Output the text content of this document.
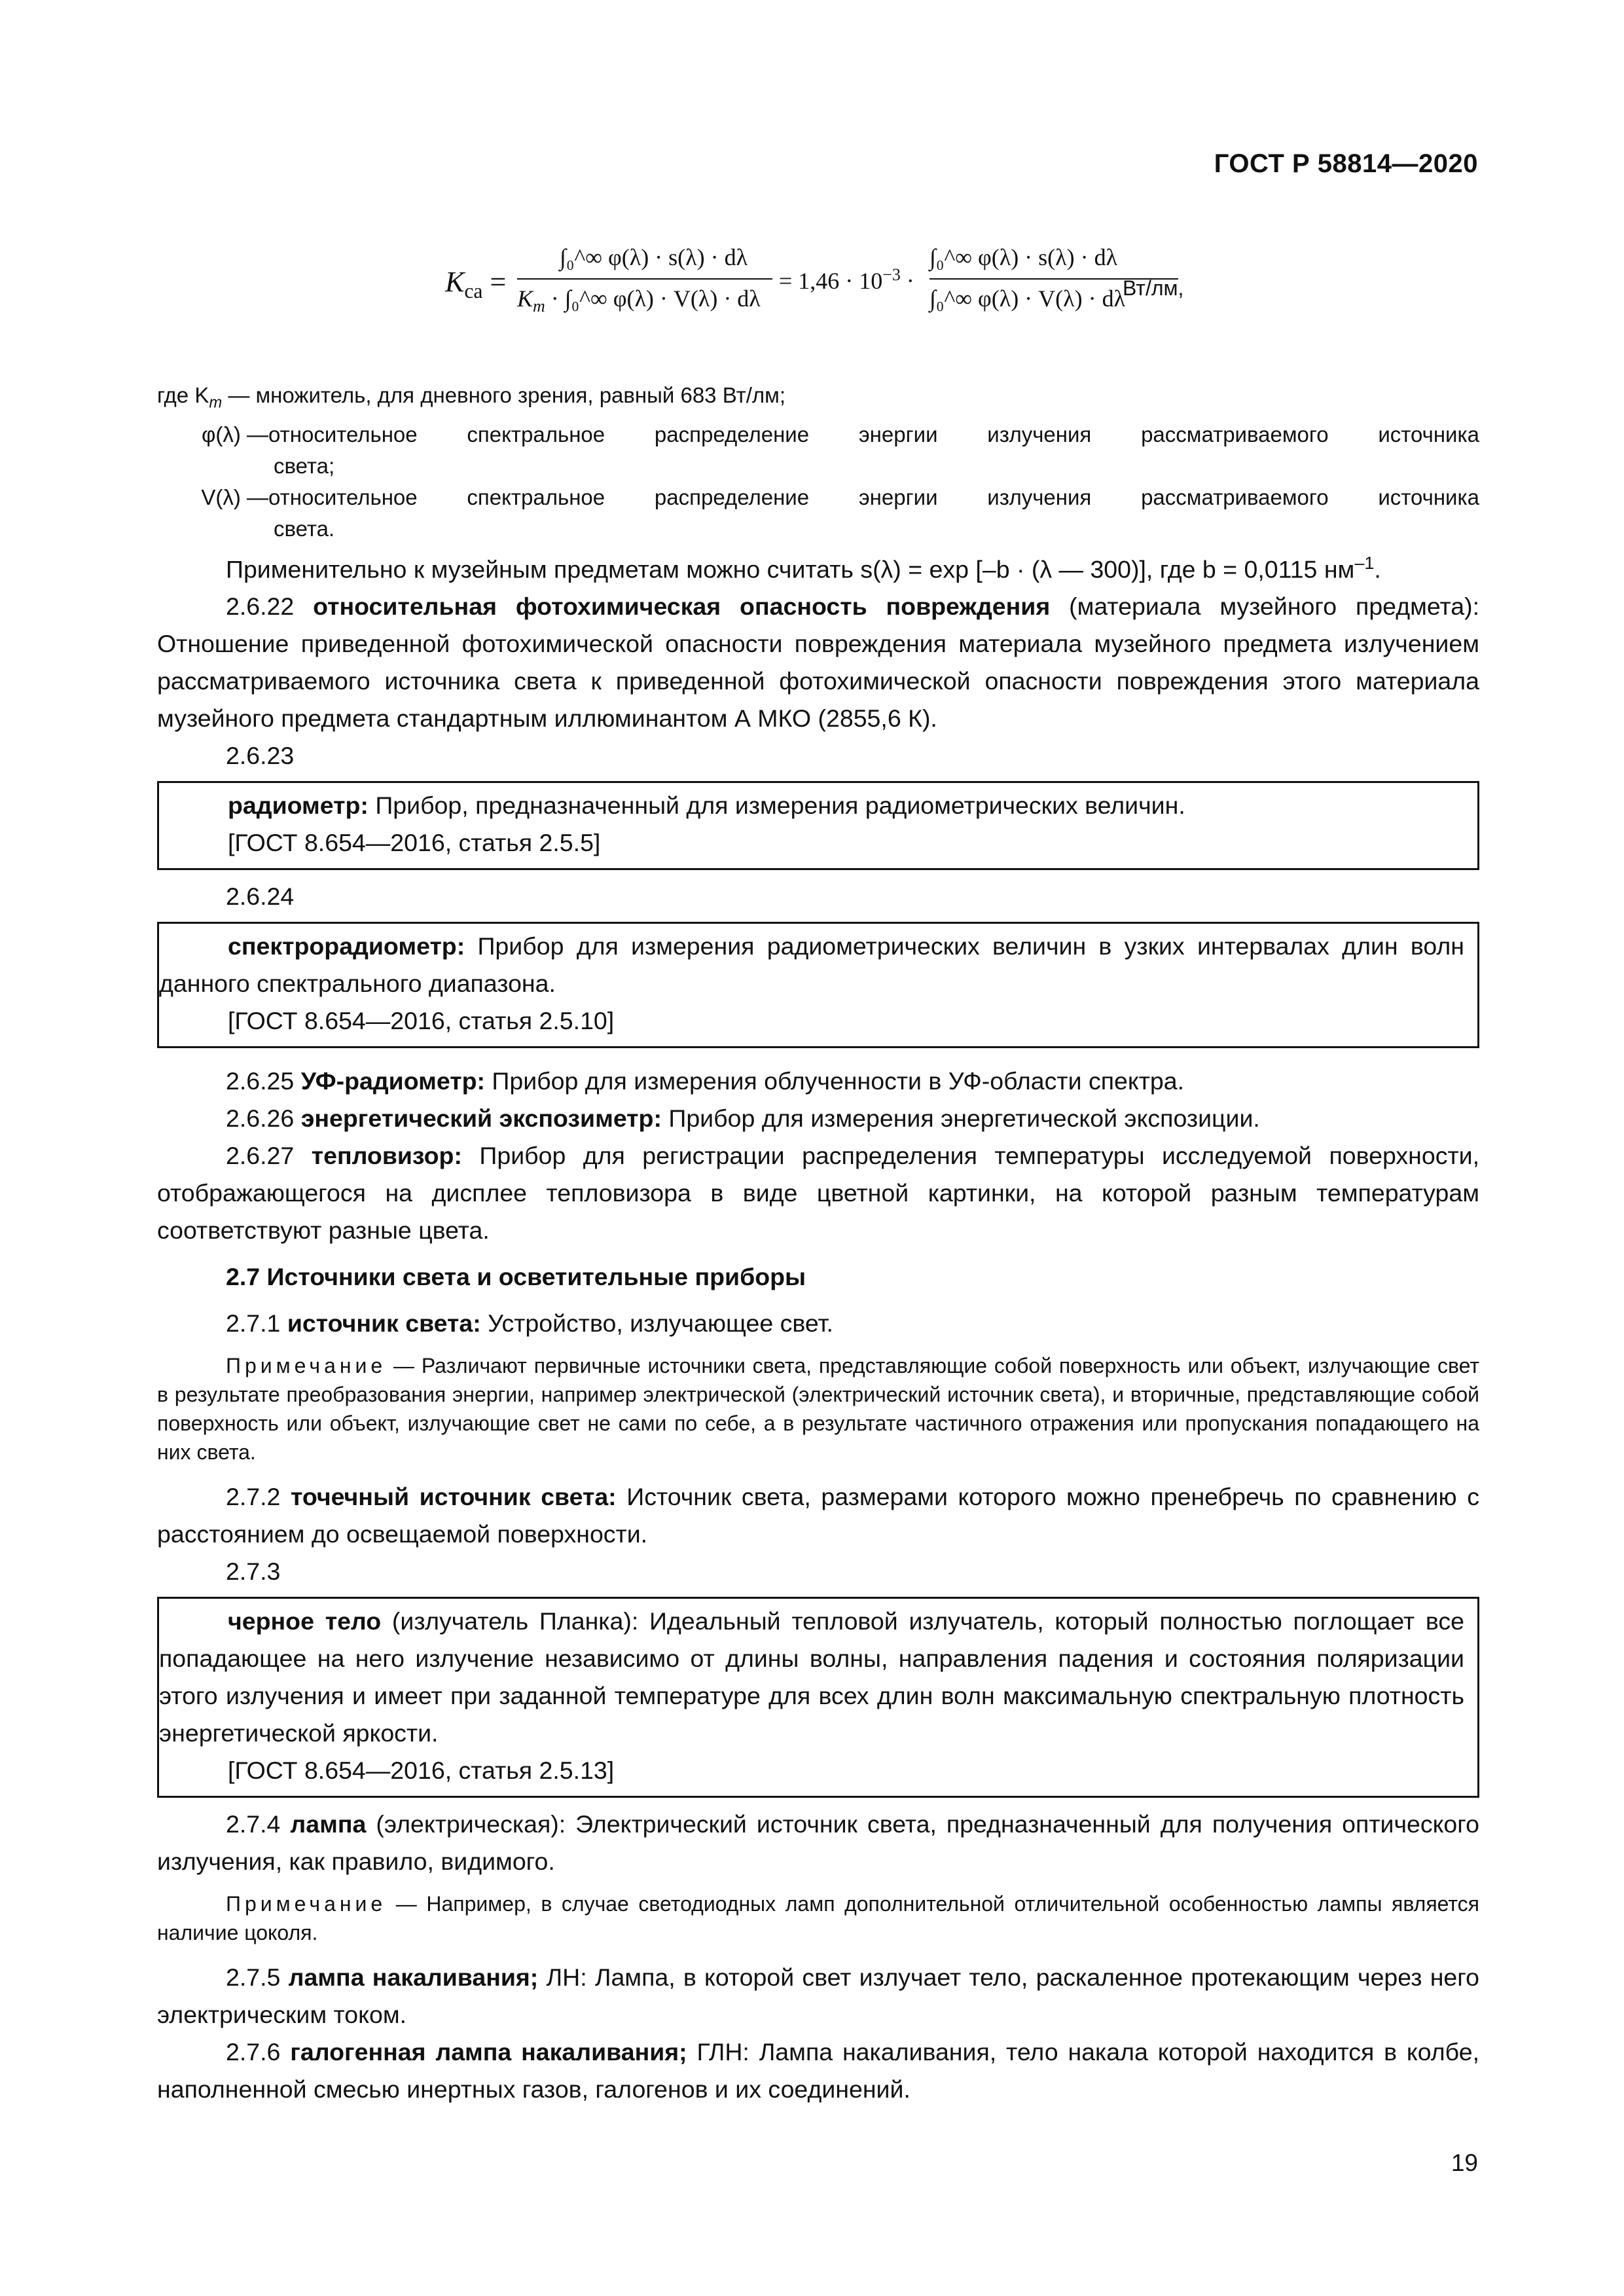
ГОСТ Р 58814—2020
$K_{ca}$ =
∫₀^∞ φ(λ) · s(λ) · dλ
$K_m$ · ∫₀^∞ φ(λ) · V(λ) · dλ
= $1,46 \cdot 10^{-3}$ ·
∫₀^∞ φ(λ) · s(λ) · dλ
∫₀^∞ φ(λ) · V(λ) · dλ
Вт/лм,

где $K_m$ — множитель, для дневного зрения, равный 683 Вт/лм;

φ(λ) — относительное спектральное распределение энергии излучения рассматриваемого источника

света;

V(λ) — относительное спектральное распределение энергии излучения рассматриваемого источника

света.

Применительно к музейным предметам можно считать s(λ) = exp [–b · (λ — 300)], где b = 0,0115 $нм^{-1}$.

2.6.22 относительная фотохимическая опасность повреждения (материала музейного предмета): Отношение приведенной фотохимической опасности повреждения материала музейного предмета излучением рассматриваемого источника света к приведенной фотохимической опасности повреждения этого материала музейного предмета стандартным иллюминантом А МКО (2855,6 К).

2.6.23

радиометр: Прибор, предназначенный для измерения радиометрических величин.

[ГОСТ 8.654—2016, статья 2.5.5]

2.6.24

спектрорадиометр: Прибор для измерения радиометрических величин в узких интервалах длин волн данного спектрального диапазона.

[ГОСТ 8.654—2016, статья 2.5.10]

2.6.25 УФ-радиометр: Прибор для измерения облученности в УФ-области спектра.

2.6.26 энергетический экспозиметр: Прибор для измерения энергетической экспозиции.

2.6.27 тепловизор: Прибор для регистрации распределения температуры исследуемой поверхности, отображающегося на дисплее тепловизора в виде цветной картинки, на которой разным температурам соответствуют разные цвета.

2.7 Источники света и осветительные приборы

2.7.1 источник света: Устройство, излучающее свет.

Примечание — Различают первичные источники света, представляющие собой поверхность или объект, излучающие свет в результате преобразования энергии, например электрической (электрический источник света), и вторичные, представляющие собой поверхность или объект, излучающие свет не сами по себе, а в результате частичного отражения или пропускания попадающего на них света.

2.7.2 точечный источник света: Источник света, размерами которого можно пренебречь по сравнению с расстоянием до освещаемой поверхности.

2.7.3

черное тело (излучатель Планка): Идеальный тепловой излучатель, который полностью поглощает все попадающее на него излучение независимо от длины волны, направления падения и состояния поляризации этого излучения и имеет при заданной температуре для всех длин волн максимальную спектральную плотность энергетической яркости.

[ГОСТ 8.654—2016, статья 2.5.13]

2.7.4 лампа (электрическая): Электрический источник света, предназначенный для получения оптического излучения, как правило, видимого.

Примечание — Например, в случае светодиодных ламп дополнительной отличительной особенностью лампы является наличие цоколя.

2.7.5 лампа накаливания; ЛН: Лампа, в которой свет излучает тело, раскаленное протекающим через него электрическим током.

2.7.6 галогенная лампа накаливания; ГЛН: Лампа накаливания, тело накала которой находится в колбе, наполненной смесью инертных газов, галогенов и их соединений.

19
